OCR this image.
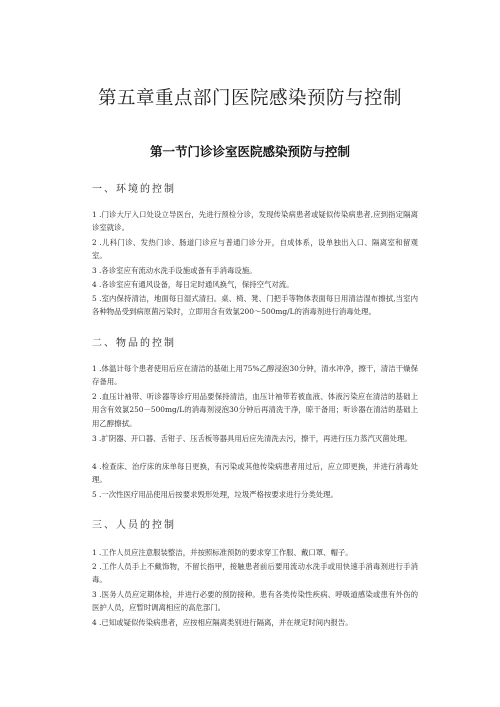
第五章重点部门医院感染预防与控制
第一节门诊诊室医院感染预防与控制
一、环境的控制
1 .门诊大厅入口处设立导医台，先进行预检分诊，发现传染病患者或疑似传染病患者,应到指定隔离诊室就诊。
2 .儿科门诊、发热门诊、肠道门诊应与普通门诊分开，自成体系，设单独出入口、隔离室和留观室。
3 .各诊室应有流动水洗手设施或备有手消毒设施。
4 .各诊室应有通风设备，每日定时通风换气，保持空气对流。
5 .室内保持清洁，地面每日湿式清扫。桌、椅、凳、门把手等物体表面每日用清洁湿布擦拭,当室内各种物品受到病原菌污染时，立即用含有效氯200～500mg/L的消毒剂进行消毒处理。
二、物品的控制
1 .体温计每个患者使用后应在清洁的基础上用75%乙醇浸泡30分钟，清水冲净，擦干，清洁干燥保存备用。
2 .血压计袖带、听诊器等诊疗用品要保持清洁，血压计袖带若被血液、体液污染应在清洁的基础上用含有效氯250－500mg/L的消毒剂浸泡30分钟后再清洗干净，晾干备用；听诊器在清洁的基础上用乙醇擦拭。
3 .扩阴器、开口器、舌钳子、压舌板等器具用后应先清洗去污，擦干，再进行压力蒸汽灭菌处理。
4 .检查床、治疗床的床单每日更换，有污染或其他传染病患者用过后，应立即更换，并进行消毒处理。
5 .一次性医疗用品使用后按要求毁形处理，垃圾严格按要求进行分类处理。
三、人员的控制
1 .工作人员应注意服装整洁，并按照标准预防的要求穿工作服、戴口罩、帽子。
2 .工作人员手上不戴饰物，不留长指甲，接触患者前后要用流动水洗手或用快速手消毒剂进行手消毒。
3 .医务人员应定期体检，并进行必要的预防接种。患有各类传染性疾病、呼吸道感染或患有外伤的医护人员，应暂时调离相应的高危部门。
4 .已知或疑似传染病患者，应按相应隔离类别进行隔离，并在规定时间内报告。
